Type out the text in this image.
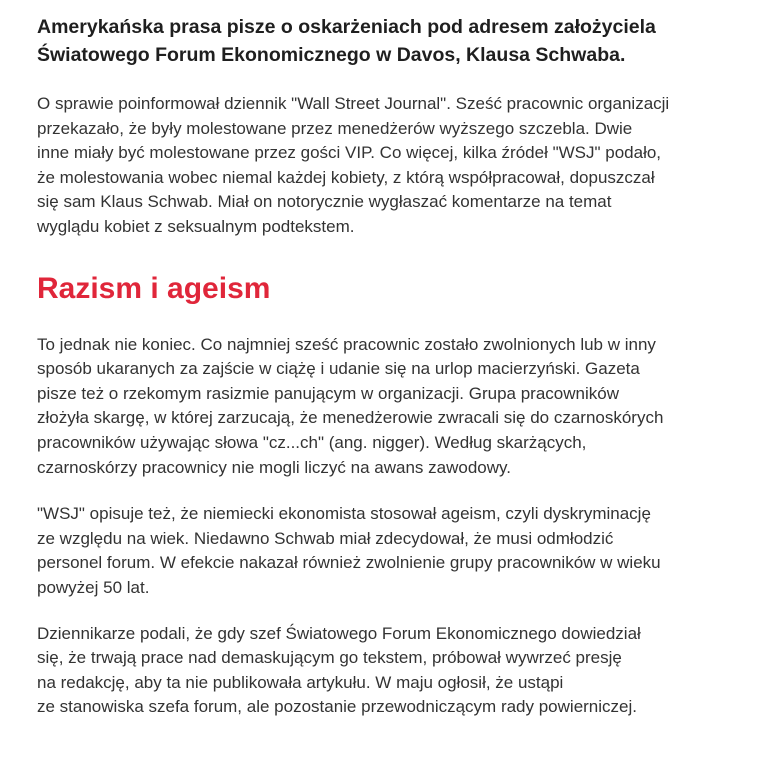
Amerykańska prasa pisze o oskarżeniach pod adresem założyciela
Światowego Forum Ekonomicznego w Davos, Klausa Schwaba.

O sprawie poinformował dziennik "Wall Street Journal". Sześć pracownic organizacji
przekazało, że były molestowane przez menedżerów wyższego szczebla. Dwie
inne miały być molestowane przez gości VIP. Co więcej, kilka źródeł "WSJ" podało,
że molestowania wobec niemal każdej kobiety, z którą współpracował, dopuszczał
się sam Klaus Schwab. Miał on notorycznie wygłaszać komentarze na temat
wyglądu kobiet z seksualnym podtekstem.

Razism i ageism

To jednak nie koniec. Co najmniej sześć pracownic zostało zwolnionych lub w inny
sposób ukaranych za zajście w ciążę i udanie się na urlop macierzyński. Gazeta
pisze też o rzekomym rasizmie panującym w organizacji. Grupa pracowników
złożyła skargę, w której zarzucają, że menedżerowie zwracali się do czarnoskórych
pracowników używając słowa "cz...ch" (ang. nigger). Według skarżących,
czarnoskórzy pracownicy nie mogli liczyć na awans zawodowy.

"WSJ" opisuje też, że niemiecki ekonomista stosował ageism, czyli dyskryminację
ze względu na wiek. Niedawno Schwab miał zdecydował, że musi odmłodzić
personel forum. W efekcie nakazał również zwolnienie grupy pracowników w wieku
powyżej 50 lat.

Dziennikarze podali, że gdy szef Światowego Forum Ekonomicznego dowiedział
się, że trwają prace nad demaskującym go tekstem, próbował wywrzeć presję
na redakcję, aby ta nie publikowała artykułu. W maju ogłosił, że ustąpi
ze stanowiska szefa forum, ale pozostanie przewodniczącym rady powierniczej.
